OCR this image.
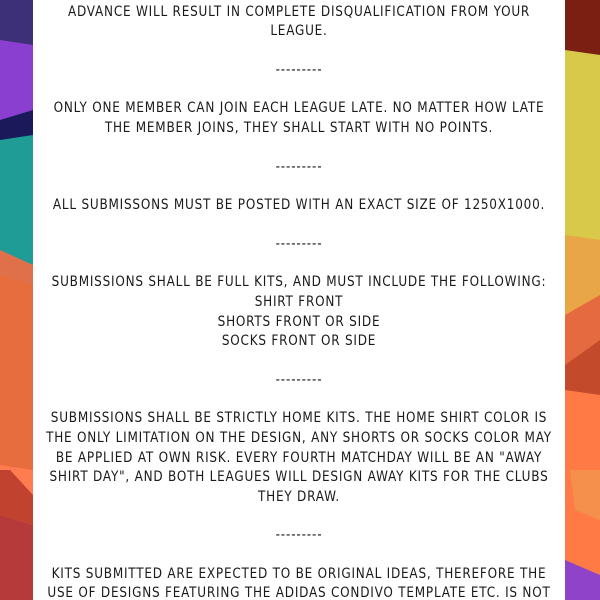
ADVANCE WILL RESULT IN COMPLETE DISQUALIFICATION FROM YOUR
LEAGUE.
---------
ONLY ONE MEMBER CAN JOIN EACH LEAGUE LATE. NO MATTER HOW LATE
THE MEMBER JOINS, THEY SHALL START WITH NO POINTS.
---------
ALL SUBMISSONS MUST BE POSTED WITH AN EXACT SIZE OF 1250X1000.
---------
SUBMISSIONS SHALL BE FULL KITS, AND MUST INCLUDE THE FOLLOWING:
SHIRT FRONT
SHORTS FRONT OR SIDE
SOCKS FRONT OR SIDE
---------
SUBMISSIONS SHALL BE STRICTLY HOME KITS. THE HOME SHIRT COLOR IS
THE ONLY LIMITATION ON THE DESIGN, ANY SHORTS OR SOCKS COLOR MAY
BE APPLIED AT OWN RISK. EVERY FOURTH MATCHDAY WILL BE AN "AWAY
SHIRT DAY", AND BOTH LEAGUES WILL DESIGN AWAY KITS FOR THE CLUBS
THEY DRAW.
---------
KITS SUBMITTED ARE EXPECTED TO BE ORIGINAL IDEAS, THEREFORE THE
USE OF DESIGNS FEATURING THE ADIDAS CONDIVO TEMPLATE ETC. IS NOT
